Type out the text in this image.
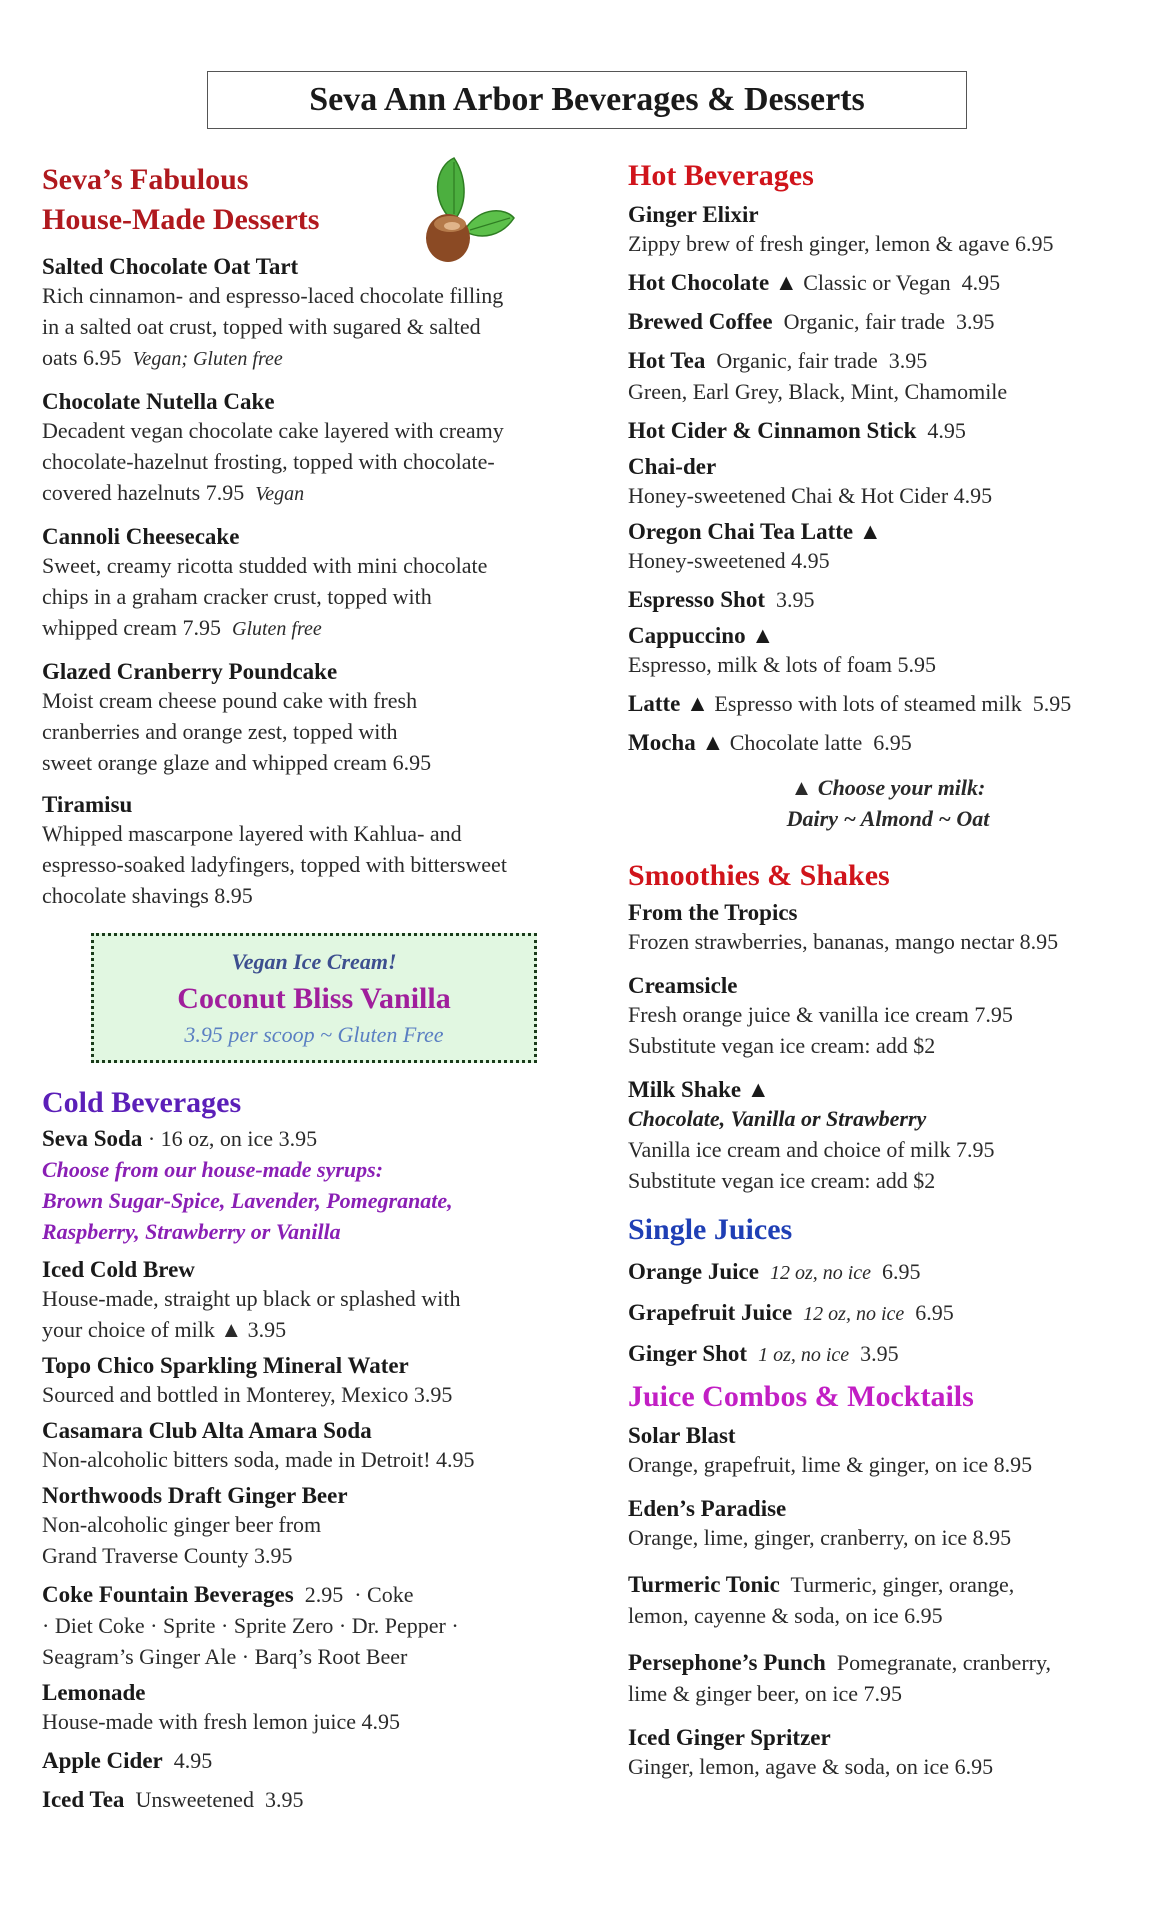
Seva Ann Arbor Beverages & Desserts
Seva’s Fabulous
House-Made Desserts
Salted Chocolate Oat Tart
Rich cinnamon- and espresso-laced chocolate filling
in a salted oat crust, topped with sugared & salted
oats 6.95 Vegan; Gluten free
Chocolate Nutella Cake
Decadent vegan chocolate cake layered with creamy
chocolate-hazelnut frosting, topped with chocolate-
covered hazelnuts 7.95 Vegan
Cannoli Cheesecake
Sweet, creamy ricotta studded with mini chocolate
chips in a graham cracker crust, topped with
whipped cream 7.95 Gluten free
Glazed Cranberry Poundcake
Moist cream cheese pound cake with fresh
cranberries and orange zest, topped with
sweet orange glaze and whipped cream 6.95
Tiramisu
Whipped mascarpone layered with Kahlua- and
espresso-soaked ladyfingers, topped with bittersweet
chocolate shavings 8.95
Vegan Ice Cream!
Coconut Bliss Vanilla
3.95 per scoop ~ Gluten Free
Cold Beverages
Seva Soda · 16 oz, on ice 3.95
Choose from our house-made syrups:
Brown Sugar-Spice, Lavender, Pomegranate,
Raspberry, Strawberry or Vanilla
Iced Cold Brew
House-made, straight up black or splashed with
your choice of milk ▲ 3.95
Topo Chico Sparkling Mineral Water
Sourced and bottled in Monterey, Mexico 3.95
Casamara Club Alta Amara Soda
Non-alcoholic bitters soda, made in Detroit! 4.95
Northwoods Draft Ginger Beer
Non-alcoholic ginger beer from
Grand Traverse County 3.95
Coke Fountain Beverages  2.95  · Coke
· Diet Coke · Sprite · Sprite Zero · Dr. Pepper ·
Seagram’s Ginger Ale · Barq’s Root Beer
Lemonade
House-made with fresh lemon juice 4.95
Apple Cider  4.95
Iced Tea  Unsweetened  3.95
Hot Beverages
Ginger Elixir
Zippy brew of fresh ginger, lemon & agave 6.95
Hot Chocolate ▲ Classic or Vegan  4.95
Brewed Coffee  Organic, fair trade  3.95
Hot Tea  Organic, fair trade  3.95
Green, Earl Grey, Black, Mint, Chamomile
Hot Cider & Cinnamon Stick  4.95
Chai-der
Honey-sweetened Chai & Hot Cider 4.95
Oregon Chai Tea Latte ▲
Honey-sweetened 4.95
Espresso Shot  3.95
Cappuccino ▲
Espresso, milk & lots of foam 5.95
Latte ▲ Espresso with lots of steamed milk  5.95
Mocha ▲ Chocolate latte  6.95
▲ Choose your milk:
Dairy ~ Almond ~ Oat
Smoothies & Shakes
From the Tropics
Frozen strawberries, bananas, mango nectar 8.95
Creamsicle
Fresh orange juice & vanilla ice cream 7.95
Substitute vegan ice cream: add $2
Milk Shake ▲
Chocolate, Vanilla or Strawberry
Vanilla ice cream and choice of milk 7.95
Substitute vegan ice cream: add $2
Single Juices
Orange Juice 12 oz, no ice 6.95
Grapefruit Juice 12 oz, no ice 6.95
Ginger Shot 1 oz, no ice 3.95
Juice Combos & Mocktails
Solar Blast
Orange, grapefruit, lime & ginger, on ice 8.95
Eden’s Paradise
Orange, lime, ginger, cranberry, on ice 8.95
Turmeric Tonic  Turmeric, ginger, orange,
lemon, cayenne & soda, on ice 6.95
Persephone’s Punch  Pomegranate, cranberry,
lime & ginger beer, on ice 7.95
Iced Ginger Spritzer
Ginger, lemon, agave & soda, on ice 6.95
